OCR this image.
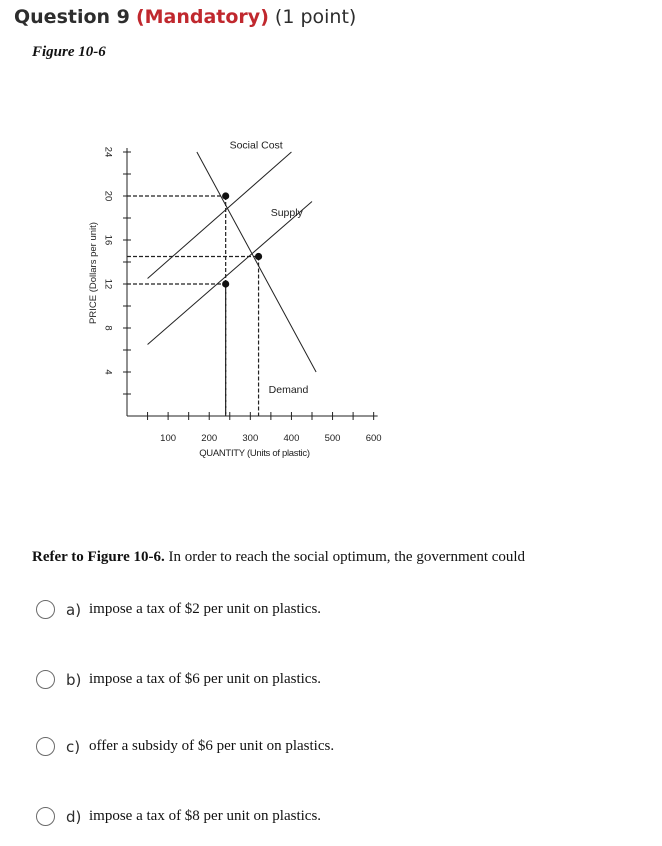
Question 9 (Mandatory) (1 point)
Figure 10-6
4
8
12
16
20
24
100	200	300	400	500	600
PRICE (Dollars per unit)
QUANTITY (Units of plastic)
Social Cost
Supply
Demand
Refer to Figure 10-6. In order to reach the social optimum, the government could
a) impose a tax of $2 per unit on plastics.
b) impose a tax of $6 per unit on plastics.
c) offer a subsidy of $6 per unit on plastics.
d) impose a tax of $8 per unit on plastics.
